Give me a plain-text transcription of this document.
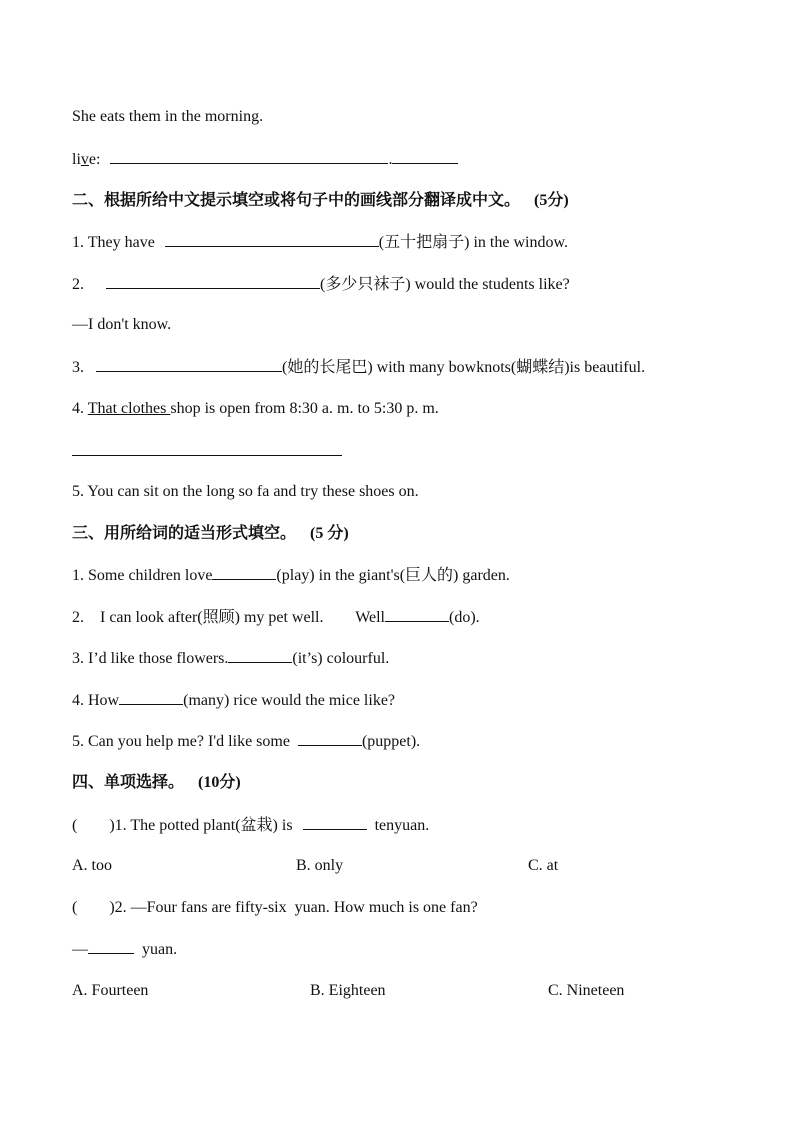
She eats them in the morning.
live:	.
二、根据所给中文提示填空或将句子中的画线部分翻译成中文。 (5分)
1. They have	(五十把扇子) in the window.
2.	(多少只袜子) would the students like?
—I don't know.
3.	(她的长尾巴) with many bowknots(蝴蝶结)is beautiful.
4. That clothes shop is open from 8:30 a. m. to 5:30 p. m.
5. You can sit on the long so fa and try these shoes on.
三、用所给词的适当形式填空。 (5 分)
1. Some children love	(play) in the giant's(巨人的) garden.
2.    I can look after(照顾) my pet well.        Well	(do).
3. I’d like those flowers.	(it’s) colourful.
4. How	(many) rice would the mice like?
5. Can you help me? I'd like some	(puppet).
四、单项选择。 (10分)
(        )1. The potted plant(盆栽) is	tenyuan.
A. too	B. only	C. at
(        )2. —Four fans are fifty-six  yuan. How much is one fan?
—	yuan.
A. Fourteen	B. Eighteen	C. Nineteen
